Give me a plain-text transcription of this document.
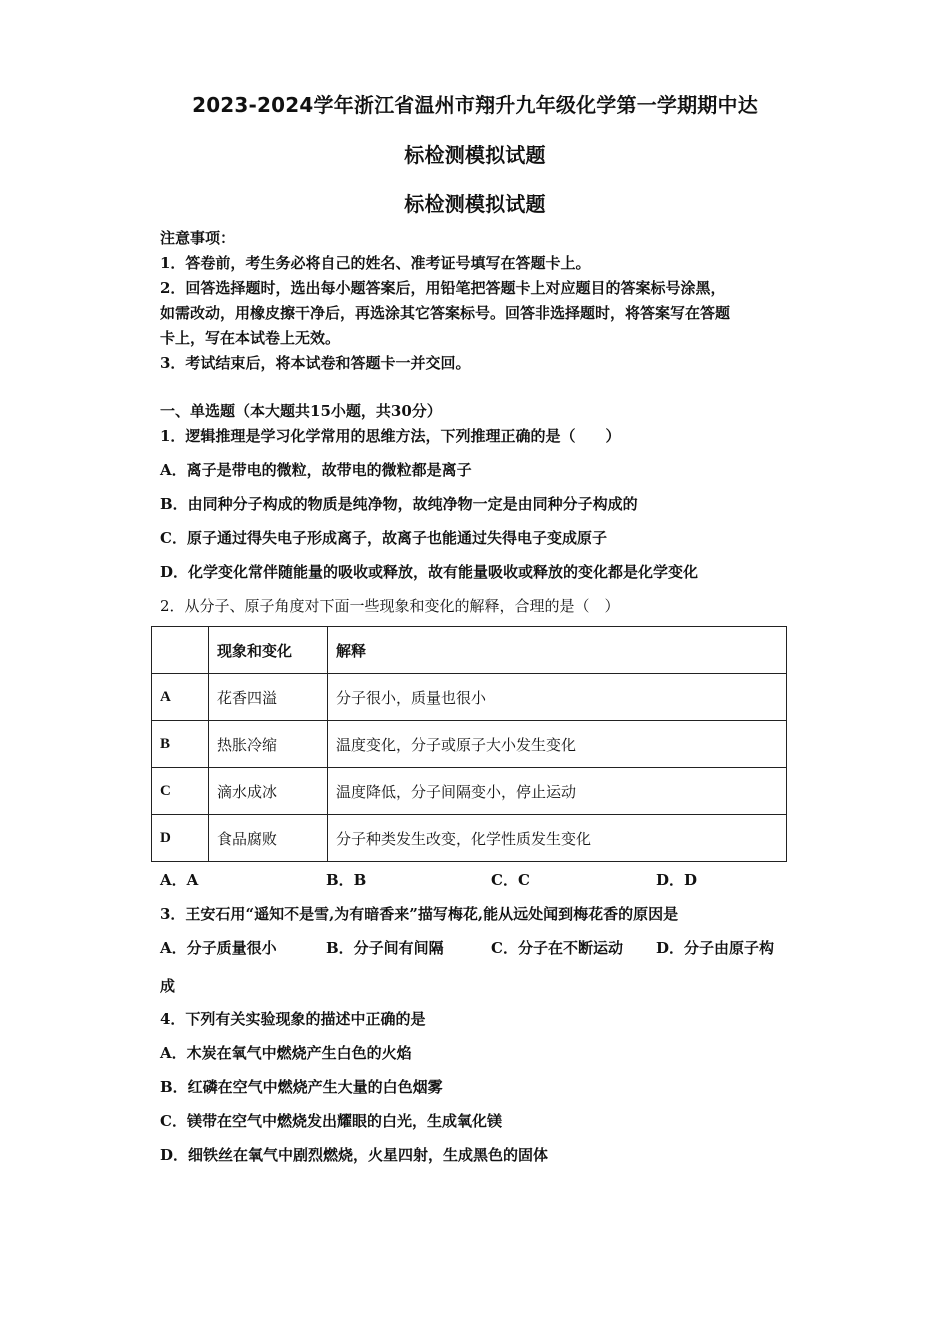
2023-2024学年浙江省温州市翔升九年级化学第一学期期中达
标检测模拟试题
标检测模拟试题
注意事项：
1．答卷前，考生务必将自己的姓名、准考证号填写在答题卡上。
2．回答选择题时，选出每小题答案后，用铅笔把答题卡上对应题目的答案标号涂黑，
如需改动，用橡皮擦干净后，再选涂其它答案标号。回答非选择题时，将答案写在答题
卡上，写在本试卷上无效。
3．考试结束后，将本试卷和答题卡一并交回。
一、单选题（本大题共15小题，共30分）
1．逻辑推理是学习化学常用的思维方法，下列推理正确的是（　　）
A．离子是带电的微粒，故带电的微粒都是离子
B．由同种分子构成的物质是纯净物，故纯净物一定是由同种分子构成的
C．原子通过得失电子形成离子，故离子也能通过失得电子变成原子
D．化学变化常伴随能量的吸收或释放，故有能量吸收或释放的变化都是化学变化
2．从分子、原子角度对下面一些现象和变化的解释，合理的是（　）
	现象和变化	解释
A	花香四溢	分子很小，质量也很小
B	热胀冷缩	温度变化，分子或原子大小发生变化
C	滴水成冰	温度降低，分子间隔变小，停止运动
D	食品腐败	分子种类发生改变，化学性质发生变化
A．A	B．B	C．C	D．D
3．王安石用“遥知不是雪,为有暗香来”描写梅花,能从远处闻到梅花香的原因是
A．分子质量很小	B．分子间有间隔	C．分子在不断运动 D．分子由原子构
成
4．下列有关实验现象的描述中正确的是
A．木炭在氧气中燃烧产生白色的火焰
B．红磷在空气中燃烧产生大量的白色烟雾
C．镁带在空气中燃烧发出耀眼的白光，生成氧化镁
D．细铁丝在氧气中剧烈燃烧，火星四射，生成黑色的固体
